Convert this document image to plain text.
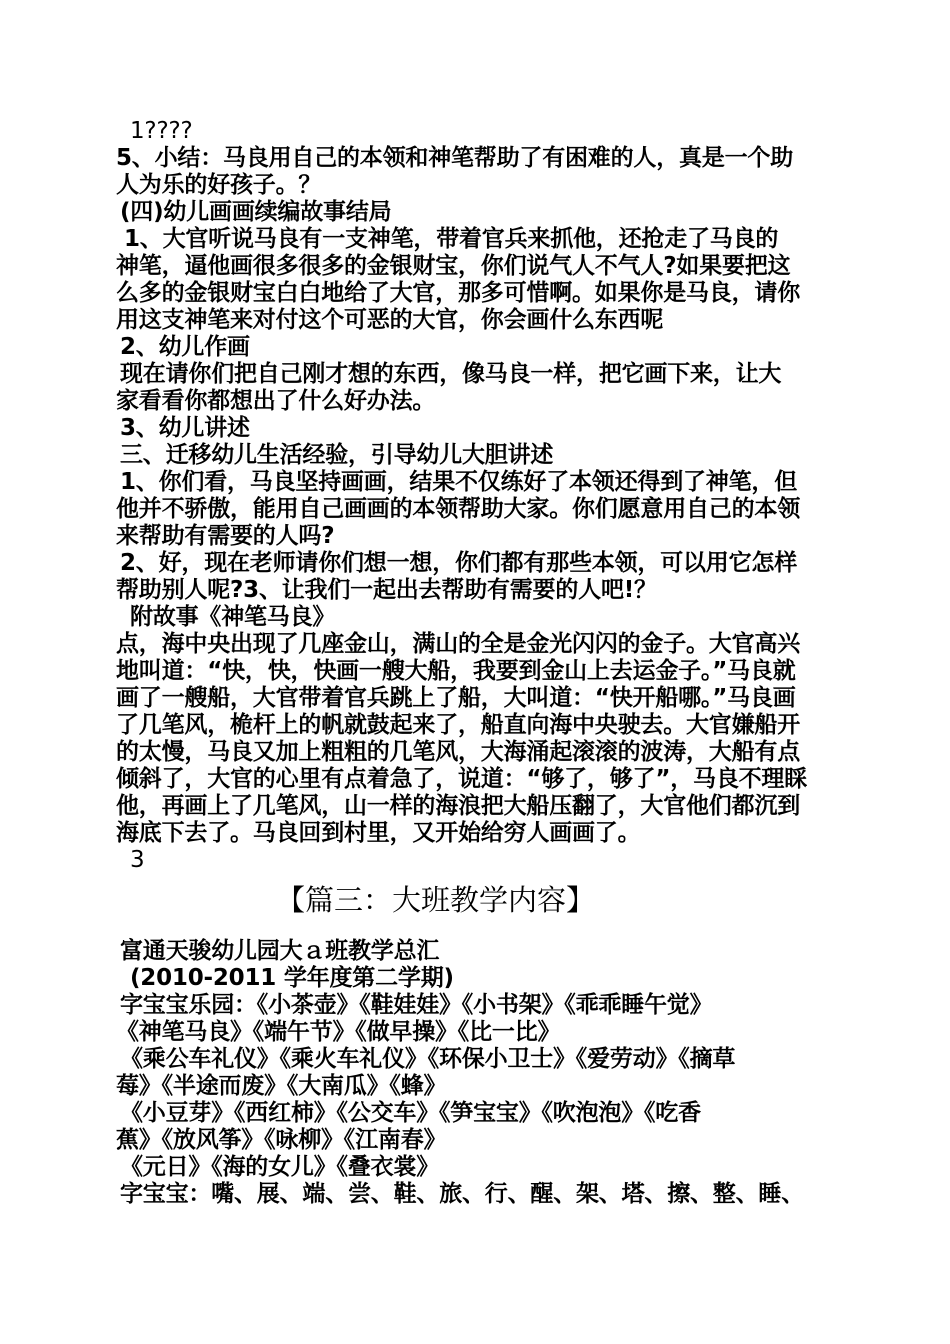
1????
5、小结：马良用自己的本领和神笔帮助了有困难的人，真是一个助
人为乐的好孩子。？
(四)幼儿画画续编故事结局
1、大官听说马良有一支神笔，带着官兵来抓他，还抢走了马良的
神笔，逼他画很多很多的金银财宝，你们说气人不气人?如果要把这
么多的金银财宝白白地给了大官，那多可惜啊。如果你是马良，请你
用这支神笔来对付这个可恶的大官，你会画什么东西呢
2、幼儿作画
现在请你们把自己刚才想的东西，像马良一样，把它画下来，让大
家看看你都想出了什么好办法。
3、幼儿讲述
三、迁移幼儿生活经验，引导幼儿大胆讲述
1、你们看，马良坚持画画，结果不仅练好了本领还得到了神笔，但
他并不骄傲，能用自己画画的本领帮助大家。你们愿意用自己的本领
来帮助有需要的人吗?
2、好，现在老师请你们想一想，你们都有那些本领，可以用它怎样
帮助别人呢?3、让我们一起出去帮助有需要的人吧!？
附故事《神笔马良》
点，海中央出现了几座金山，满山的全是金光闪闪的金子。大官高兴
地叫道：“快，快，快画一艘大船，我要到金山上去运金子。”马良就
画了一艘船，大官带着官兵跳上了船，大叫道：“快开船哪。”马良画
了几笔风，桅杆上的帆就鼓起来了，船直向海中央驶去。大官嫌船开
的太慢，马良又加上粗粗的几笔风，大海涌起滚滚的波涛，大船有点
倾斜了，大官的心里有点着急了，说道：“够了，够了”，马良不理睬
他，再画上了几笔风，山一样的海浪把大船压翻了，大官他们都沉到
海底下去了。马良回到村里，又开始给穷人画画了。
3
【篇三：大班教学内容】
富通天骏幼儿园大ａ班教学总汇
(2010-2011 学年度第二学期)
字宝宝乐园：《小茶壶》《鞋娃娃》《小书架》《乖乖睡午觉》
《神笔马良》《端午节》《做早操》《比一比》
《乘公车礼仪》《乘火车礼仪》《环保小卫士》《爱劳动》《摘草
莓》《半途而废》《大南瓜》《蜂》
《小豆芽》《西红柿》《公交车》《笋宝宝》《吹泡泡》《吃香
蕉》《放风筝》《咏柳》《江南春》
《元日》《海的女儿》《叠衣裳》
字宝宝：嘴、展、端、尝、鞋、旅、行、醒、架、塔、擦、整、睡、
